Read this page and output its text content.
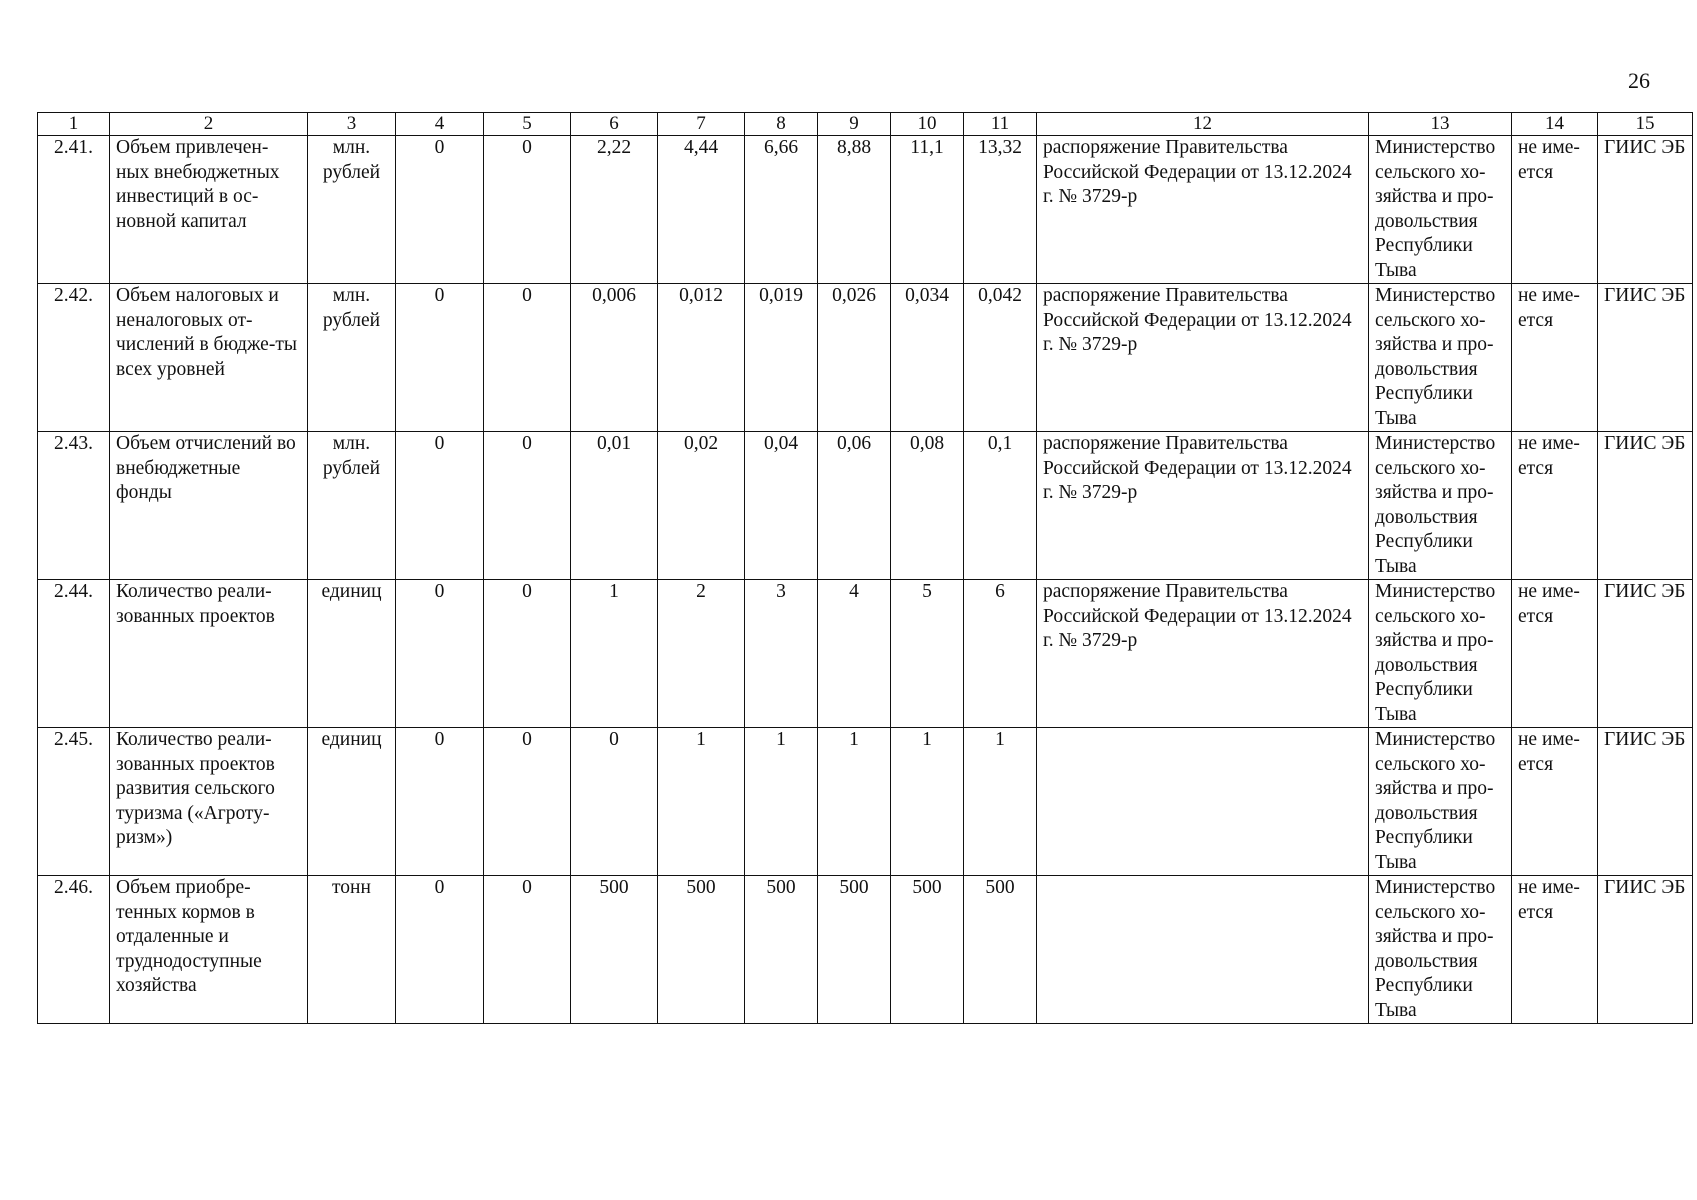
26
1	2	3	4	5	6	7	8	9	10	11	12	13	14	15
2.41.	Объем привлечен-ных внебюджетных инвестиций в ос-новной капитал	млн. рублей	0	0	2,22	4,44	6,66	8,88	11,1	13,32	распоряжение Правительства Российской Федерации от 13.12.2024 г. № 3729-р	Министерство сельского хо-зяйства и про-довольствия Республики Тыва	не име-ется	ГИИС ЭБ
2.42.	Объем налоговых и неналоговых от-числений в бюдже-ты всех уровней	млн. рублей	0	0	0,006	0,012	0,019	0,026	0,034	0,042	распоряжение Правительства Российской Федерации от 13.12.2024 г. № 3729-р	Министерство сельского хо-зяйства и про-довольствия Республики Тыва	не име-ется	ГИИС ЭБ
2.43.	Объем отчислений во внебюджетные фонды	млн. рублей	0	0	0,01	0,02	0,04	0,06	0,08	0,1	распоряжение Правительства Российской Федерации от 13.12.2024 г. № 3729-р	Министерство сельского хо-зяйства и про-довольствия Республики Тыва	не име-ется	ГИИС ЭБ
2.44.	Количество реали-зованных проектов	единиц	0	0	1	2	3	4	5	6	распоряжение Правительства Российской Федерации от 13.12.2024 г. № 3729-р	Министерство сельского хо-зяйства и про-довольствия Республики Тыва	не име-ется	ГИИС ЭБ
2.45.	Количество реали-зованных проектов развития сельского туризма («Агроту-ризм»)	единиц	0	0	0	1	1	1	1	1		Министерство сельского хо-зяйства и про-довольствия Республики Тыва	не име-ется	ГИИС ЭБ
2.46.	Объем приобре-тенных кормов в отдаленные и труднодоступные хозяйства	тонн	0	0	500	500	500	500	500	500		Министерство сельского хо-зяйства и про-довольствия Республики Тыва	не име-ется	ГИИС ЭБ
